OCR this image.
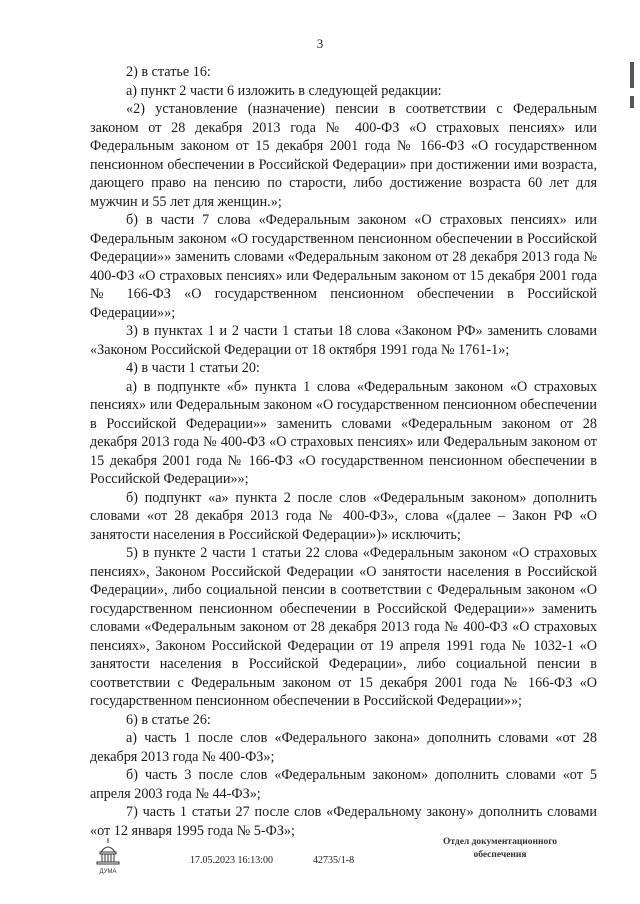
3

2) в статье 16:

а) пункт 2 части 6 изложить в следующей редакции:

«2) установление (назначение) пенсии в соответствии с Федеральным законом от 28 декабря 2013 года № 400-ФЗ «О страховых пенсиях» или Федеральным законом от 15 декабря 2001 года № 166-ФЗ «О государственном пенсионном обеспечении в Российской Федерации» при достижении ими возраста, дающего право на пенсию по старости, либо достижение возраста 60 лет для мужчин и 55 лет для женщин.»;

б) в части 7 слова «Федеральным законом «О страховых пенсиях» или Федеральным законом «О государственном пенсионном обеспечении в Российской Федерации»» заменить словами «Федеральным законом от 28 декабря 2013 года № 400-ФЗ «О страховых пенсиях» или Федеральным законом от 15 декабря 2001 года № 166-ФЗ «О государственном пенсионном обеспечении в Российской Федерации»»;

3) в пунктах 1 и 2 части 1 статьи 18 слова «Законом РФ» заменить словами «Законом Российской Федерации от 18 октября 1991 года № 1761-1»;

4) в части 1 статьи 20:

а) в подпункте «б» пункта 1 слова «Федеральным законом «О страховых пенсиях» или Федеральным законом «О государственном пенсионном обеспечении в Российской Федерации»» заменить словами «Федеральным законом от 28 декабря 2013 года № 400-ФЗ «О страховых пенсиях» или Федеральным законом от 15 декабря 2001 года № 166-ФЗ «О государственном пенсионном обеспечении в Российской Федерации»»;

б) подпункт «а» пункта 2 после слов «Федеральным законом» дополнить словами «от 28 декабря 2013 года № 400-ФЗ», слова «(далее – Закон РФ «О занятости населения в Российской Федерации»)» исключить;

5) в пункте 2 части 1 статьи 22 слова «Федеральным законом «О страховых пенсиях», Законом Российской Федерации «О занятости населения в Российской Федерации», либо социальной пенсии в соответствии с Федеральным законом «О государственном пенсионном обеспечении в Российской Федерации»» заменить словами «Федеральным законом от 28 декабря 2013 года № 400-ФЗ «О страховых пенсиях», Законом Российской Федерации от 19 апреля 1991 года № 1032-1 «О занятости населения в Российской Федерации», либо социальной пенсии в соответствии с Федеральным законом от 15 декабря 2001 года № 166-ФЗ «О государственном пенсионном обеспечении в Российской Федерации»»;

6) в статье 26:

а) часть 1 после слов «Федерального закона» дополнить словами «от 28 декабря 2013 года № 400-ФЗ»;

б) часть 3 после слов «Федеральным законом» дополнить словами «от 5 апреля 2003 года № 44-ФЗ»;

7) часть 1 статьи 27 после слов «Федеральному закону» дополнить словами «от 12 января 1995 года № 5-ФЗ»;

ДУМА
17.05.2023 16:13:00	42735/1-8
Отдел документационного обеспечения
